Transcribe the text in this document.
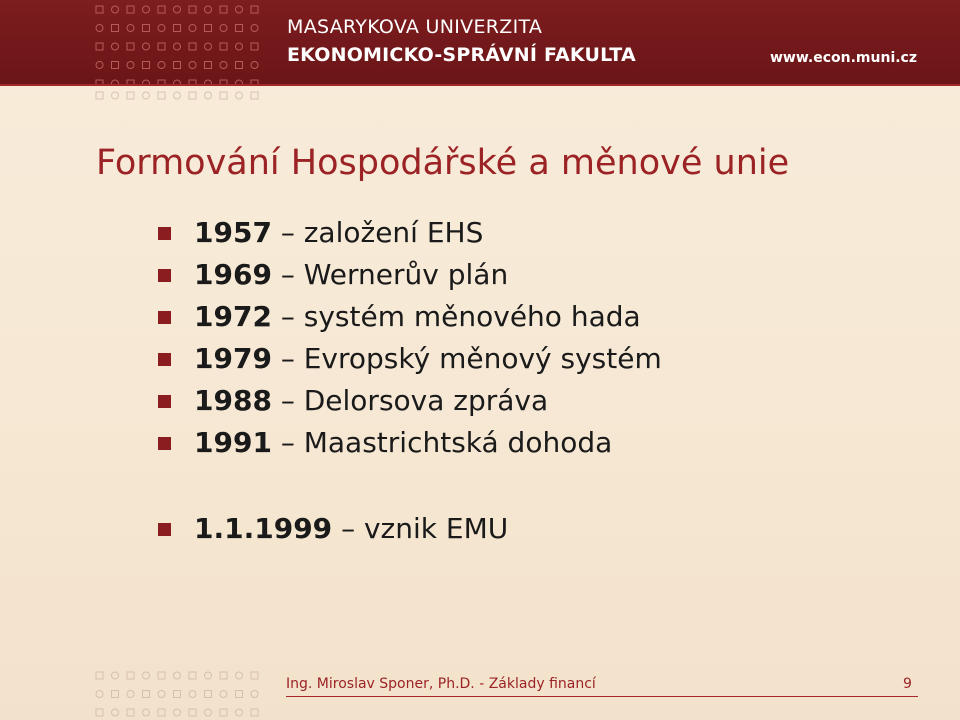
MASARYKOVA UNIVERZITA
EKONOMICKO-SPRÁVNÍ FAKULTA	www.econ.muni.cz
Formování Hospodářské a měnové unie
1957 – založení EHS
1969 – Wernerův plán
1972 – systém měnového hada
1979 – Evropský měnový systém
1988 – Delorsova zpráva
1991 – Maastrichtská dohoda
1.1.1999 – vznik EMU
Ing. Miroslav Sponer, Ph.D. - Základy financí	9
